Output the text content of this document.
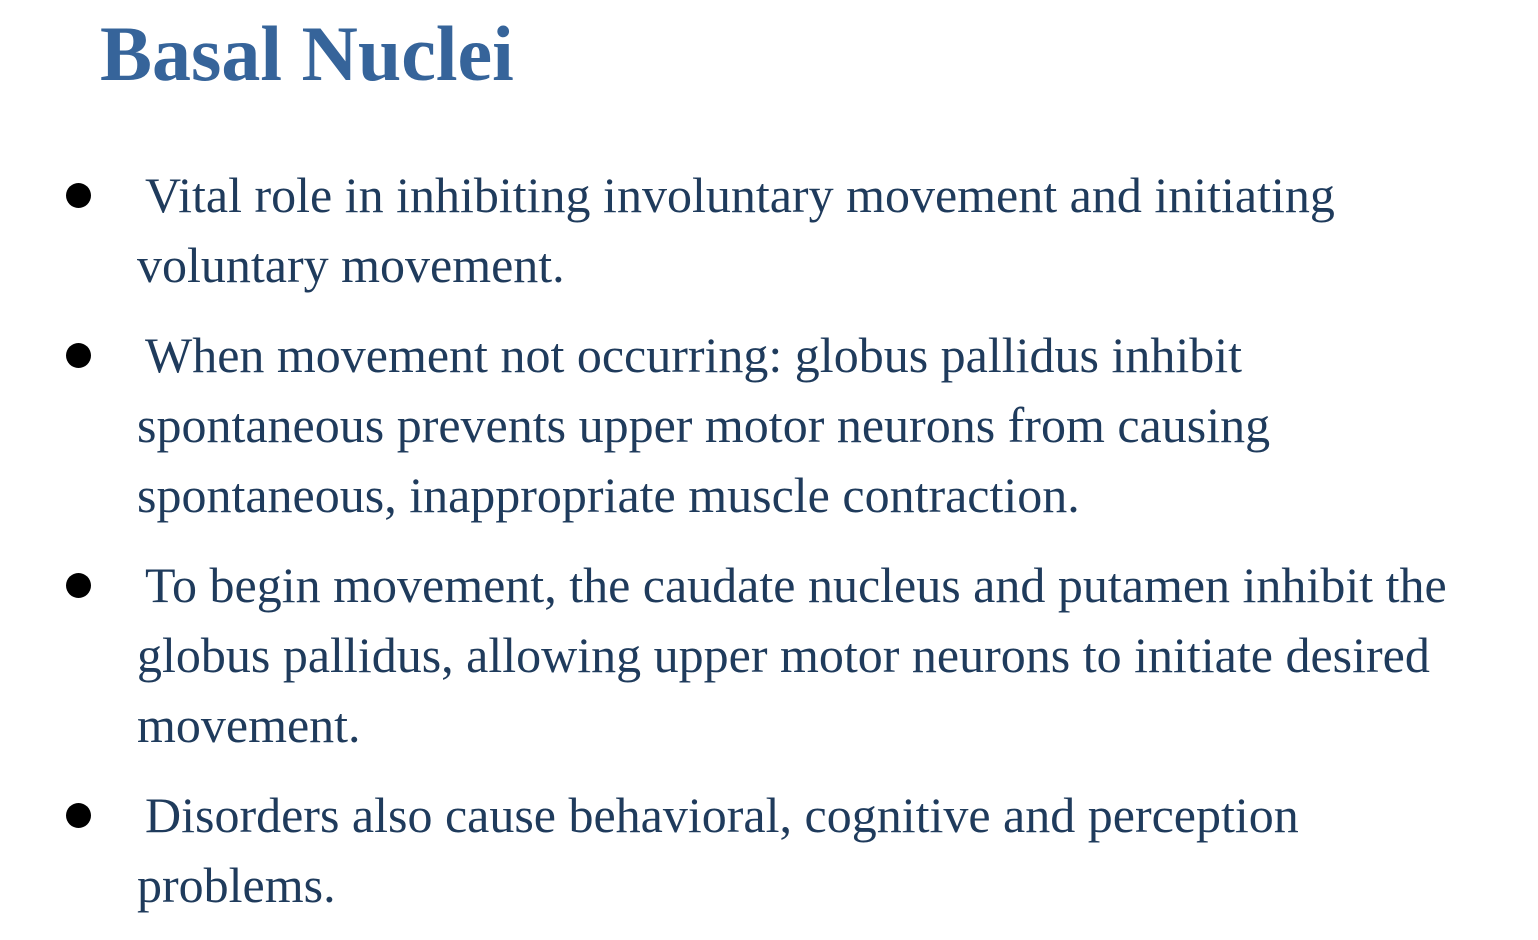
Basal Nuclei
Vital role in inhibiting involuntary movement and initiating voluntary movement.
When movement not occurring: globus pallidus inhibit spontaneous prevents upper motor neurons from causing spontaneous, inappropriate muscle contraction.
To begin movement, the caudate nucleus and putamen inhibit the globus pallidus, allowing upper motor neurons to initiate desired movement.
Disorders also cause behavioral, cognitive and perception problems.
